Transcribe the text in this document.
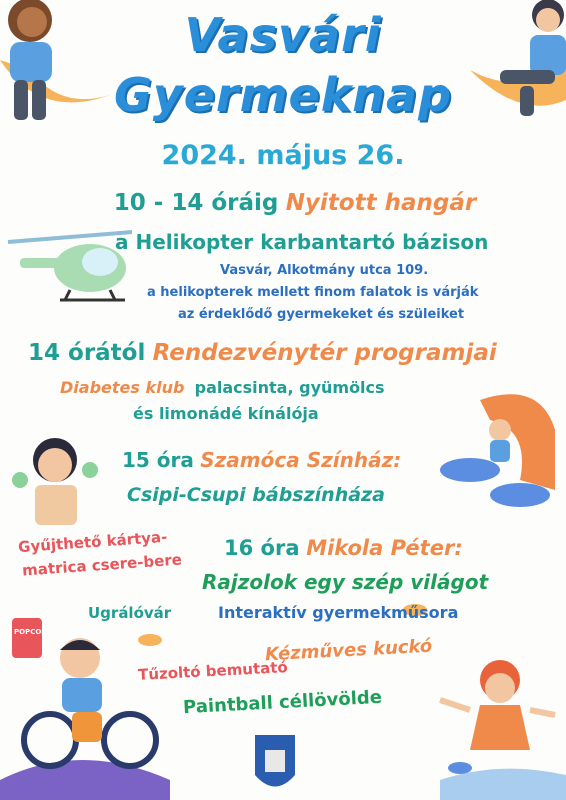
Vasvári
Gyermeknap
2024. május 26.
10 - 14 óráig Nyitott hangár
a Helikopter karbantartó bázison
Vasvár, Alkotmány utca 109.
a helikopterek mellett finom falatok is várják
az érdeklődő gyermekeket és szüleiket
14 órától Rendezvénytér programjai
Diabetes klub palacsinta, gyümölcs
és limonádé kínálója
15 óra Szamóca Színház:
Csipi-Csupi bábszínháza
Gyűjthető kártya-
matrica csere-bere
16 óra Mikola Péter:
Rajzolok egy szép világot
Interaktív gyermekműsora
Ugrálóvár
Kézműves kuckó
Tűzoltó bemutató
Paintball céllövölde
POPCORN
